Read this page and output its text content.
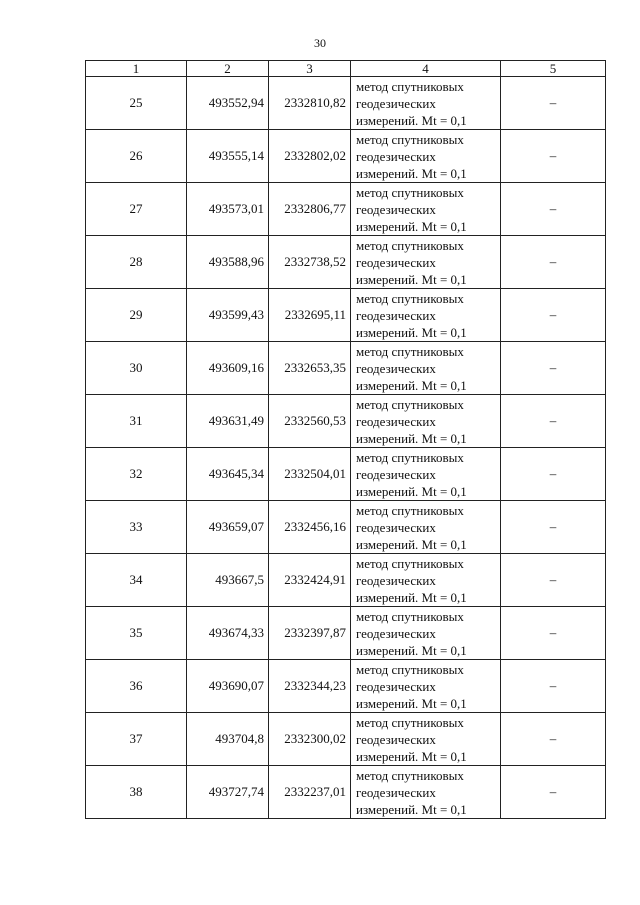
30
1	2	3	4	5
25	493552,94	2332810,82	метод спутниковых
геодезических
измерений. Mt = 0,1	–
26	493555,14	2332802,02	метод спутниковых
геодезических
измерений. Mt = 0,1	–
27	493573,01	2332806,77	метод спутниковых
геодезических
измерений. Mt = 0,1	–
28	493588,96	2332738,52	метод спутниковых
геодезических
измерений. Mt = 0,1	–
29	493599,43	2332695,11	метод спутниковых
геодезических
измерений. Mt = 0,1	–
30	493609,16	2332653,35	метод спутниковых
геодезических
измерений. Mt = 0,1	–
31	493631,49	2332560,53	метод спутниковых
геодезических
измерений. Mt = 0,1	–
32	493645,34	2332504,01	метод спутниковых
геодезических
измерений. Mt = 0,1	–
33	493659,07	2332456,16	метод спутниковых
геодезических
измерений. Mt = 0,1	–
34	493667,5	2332424,91	метод спутниковых
геодезических
измерений. Mt = 0,1	–
35	493674,33	2332397,87	метод спутниковых
геодезических
измерений. Mt = 0,1	–
36	493690,07	2332344,23	метод спутниковых
геодезических
измерений. Mt = 0,1	–
37	493704,8	2332300,02	метод спутниковых
геодезических
измерений. Mt = 0,1	–
38	493727,74	2332237,01	метод спутниковых
геодезических
измерений. Mt = 0,1	–
